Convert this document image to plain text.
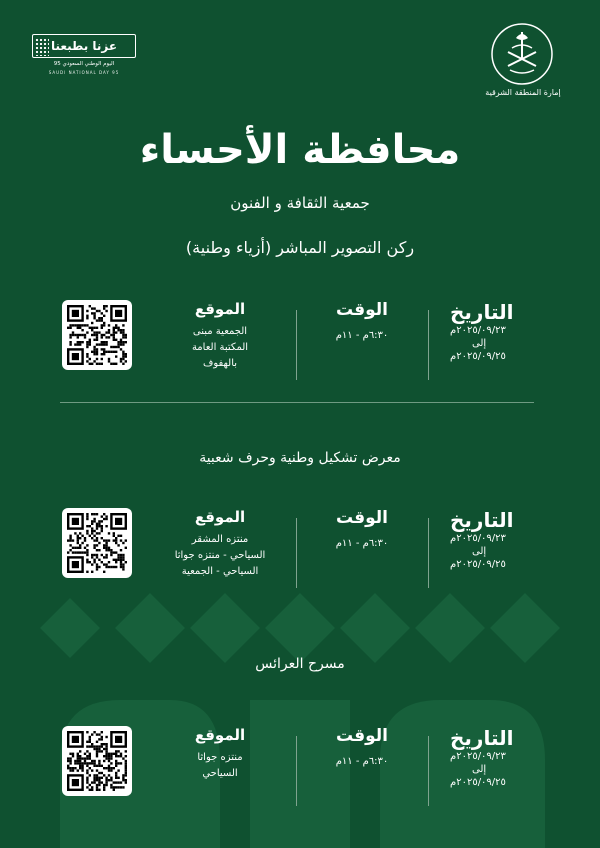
عزنا بطبعنا
اليوم الوطني السعودي 95
SAUDI NATIONAL DAY 95
إمارة المنطقة الشرقية
محافظة الأحساء
جمعية الثقافة و الفنون
ركن التصوير المباشر (أزياء وطنية)
التاريخ
٢٠٢٥/٠٩/٢٣م
إلى
٢٠٢٥/٠٩/٢٥م
الوقت
٦:٣٠م - ١١م
الموقع
الجمعية مبنى
المكتبة العامة
بالهفوف
معرض تشكيل وطنية وحرف شعبية
التاريخ
٢٠٢٥/٠٩/٢٣م
إلى
٢٠٢٥/٠٩/٢٥م
الوقت
٦:٣٠م - ١١م
الموقع
منتزه المشقر
السياحي - منتزه جواثا
السياحي - الجمعية
مسرح العرائس
التاريخ
٢٠٢٥/٠٩/٢٣م
إلى
٢٠٢٥/٠٩/٢٥م
الوقت
٦:٣٠م - ١١م
الموقع
منتزه جواثا
السياحي
